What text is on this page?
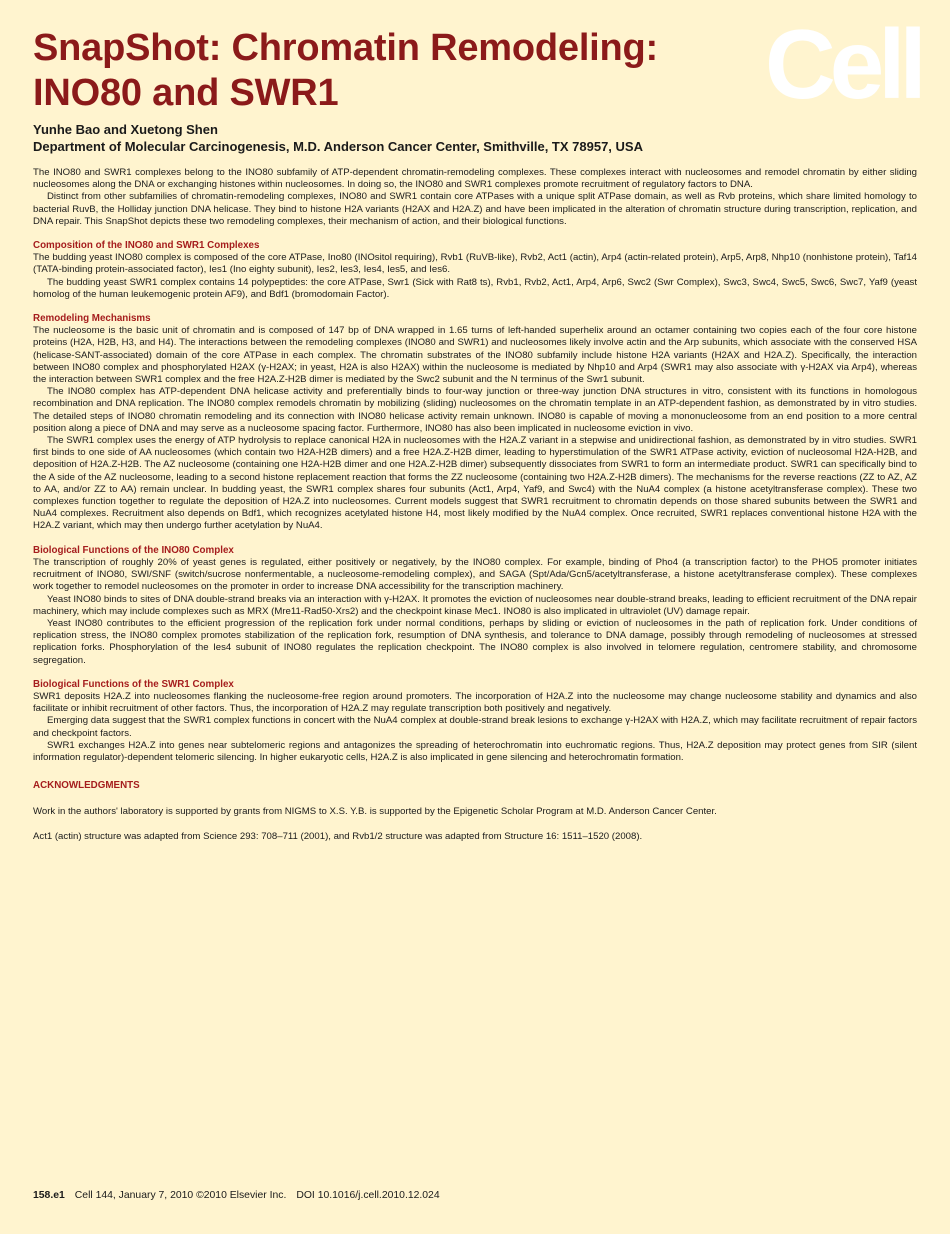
SnapShot: Chromatin Remodeling:
INO80 and SWR1	Cell
Yunhe Bao and Xuetong Shen
Department of Molecular Carcinogenesis, M.D. Anderson Cancer Center, Smithville, TX 78957, USA

The INO80 and SWR1 complexes belong to the INO80 subfamily of ATP-dependent chromatin-remodeling complexes. These complexes interact with nucleosomes and remodel chromatin by either sliding nucleosomes along the DNA or exchanging histones within nucleosomes. In doing so, the INO80 and SWR1 complexes promote recruitment of regulatory factors to DNA.

Distinct from other subfamilies of chromatin-remodeling complexes, INO80 and SWR1 contain core ATPases with a unique split ATPase domain, as well as Rvb proteins, which share limited homology to bacterial RuvB, the Holliday junction DNA helicase. They bind to histone H2A variants (H2AX and H2A.Z) and have been implicated in the alteration of chromatin structure during transcription, replication, and DNA repair. This SnapShot depicts these two remodeling complexes, their mechanism of action, and their biological functions.

Composition of the INO80 and SWR1 Complexes

The budding yeast INO80 complex is composed of the core ATPase, Ino80 (INOsitol requiring), Rvb1 (RuVB-like), Rvb2, Act1 (actin), Arp4 (actin-related protein), Arp5, Arp8, Nhp10 (nonhistone protein), Taf14 (TATA-binding protein-associated factor), Ies1 (Ino eighty subunit), Ies2, Ies3, Ies4, Ies5, and Ies6.

The budding yeast SWR1 complex contains 14 polypeptides: the core ATPase, Swr1 (Sick with Rat8 ts), Rvb1, Rvb2, Act1, Arp4, Arp6, Swc2 (Swr Complex), Swc3, Swc4, Swc5, Swc6, Swc7, Yaf9 (yeast homolog of the human leukemogenic protein AF9), and Bdf1 (bromodomain Factor).

Remodeling Mechanisms

The nucleosome is the basic unit of chromatin and is composed of 147 bp of DNA wrapped in 1.65 turns of left-handed superhelix around an octamer containing two copies each of the four core histone proteins (H2A, H2B, H3, and H4). The interactions between the remodeling complexes (INO80 and SWR1) and nucleosomes likely involve actin and the Arp subunits, which associate with the conserved HSA (helicase-SANT-associated) domain of the core ATPase in each complex. The chromatin substrates of the INO80 subfamily include histone H2A variants (H2AX and H2A.Z). Specifically, the interaction between INO80 complex and phosphorylated H2AX (γ-H2AX; in yeast, H2A is also H2AX) within the nucleosome is mediated by Nhp10 and Arp4 (SWR1 may also associate with γ-H2AX via Arp4), whereas the interaction between SWR1 complex and the free H2A.Z-H2B dimer is mediated by the Swc2 subunit and the N terminus of the Swr1 subunit.

The INO80 complex has ATP-dependent DNA helicase activity and preferentially binds to four-way junction or three-way junction DNA structures in vitro, consistent with its functions in homologous recombination and DNA replication. The INO80 complex remodels chromatin by mobilizing (sliding) nucleosomes on the chromatin template in an ATP-dependent fashion, as demonstrated by in vitro studies. The detailed steps of INO80 chromatin remodeling and its connection with INO80 helicase activity remain unknown. INO80 is capable of moving a mononucleosome from an end position to a more central position along a piece of DNA and may serve as a nucleosome spacing factor. Furthermore, INO80 has also been implicated in nucleosome eviction in vivo.

The SWR1 complex uses the energy of ATP hydrolysis to replace canonical H2A in nucleosomes with the H2A.Z variant in a stepwise and unidirectional fashion, as demonstrated by in vitro studies. SWR1 first binds to one side of AA nucleosomes (which contain two H2A-H2B dimers) and a free H2A.Z-H2B dimer, leading to hyperstimulation of the SWR1 ATPase activity, eviction of nucleosomal H2A-H2B, and deposition of H2A.Z-H2B. The AZ nucleosome (containing one H2A-H2B dimer and one H2A.Z-H2B dimer) subsequently dissociates from SWR1 to form an intermediate product. SWR1 can specifically bind to the A side of the AZ nucleosome, leading to a second histone replacement reaction that forms the ZZ nucleosome (containing two H2A.Z-H2B dimers). The mechanisms for the reverse reactions (ZZ to AZ, AZ to AA, and/or ZZ to AA) remain unclear. In budding yeast, the SWR1 complex shares four subunits (Act1, Arp4, Yaf9, and Swc4) with the NuA4 complex (a histone acetyltransferase complex). These two complexes function together to regulate the deposition of H2A.Z into nucleosomes. Current models suggest that SWR1 recruitment to chromatin depends on those shared subunits between the SWR1 and NuA4 complexes. Recruitment also depends on Bdf1, which recognizes acetylated histone H4, most likely modified by the NuA4 complex. Once recruited, SWR1 replaces conventional histone H2A with the H2A.Z variant, which may then undergo further acetylation by NuA4.

Biological Functions of the INO80 Complex

The transcription of roughly 20% of yeast genes is regulated, either positively or negatively, by the INO80 complex. For example, binding of Pho4 (a transcription factor) to the PHO5 promoter initiates recruitment of INO80, SWI/SNF (switch/sucrose nonfermentable, a nucleosome-remodeling complex), and SAGA (Spt/Ada/Gcn5/acetyltransferase, a histone acetyltransferase complex). These complexes work together to remodel nucleosomes on the promoter in order to increase DNA accessibility for the transcription machinery.

Yeast INO80 binds to sites of DNA double-strand breaks via an interaction with γ-H2AX. It promotes the eviction of nucleosomes near double-strand breaks, leading to efficient recruitment of the DNA repair machinery, which may include complexes such as MRX (Mre11-Rad50-Xrs2) and the checkpoint kinase Mec1. INO80 is also implicated in ultraviolet (UV) damage repair.

Yeast INO80 contributes to the efficient progression of the replication fork under normal conditions, perhaps by sliding or eviction of nucleosomes in the path of replication fork. Under conditions of replication stress, the INO80 complex promotes stabilization of the replication fork, resumption of DNA synthesis, and tolerance to DNA damage, possibly through remodeling of nucleosomes at stressed replication forks. Phosphorylation of the Ies4 subunit of INO80 regulates the replication checkpoint. The INO80 complex is also involved in telomere regulation, centromere stability, and chromosome segregation.

Biological Functions of the SWR1 Complex

SWR1 deposits H2A.Z into nucleosomes flanking the nucleosome-free region around promoters. The incorporation of H2A.Z into the nucleosome may change nucleosome stability and dynamics and also facilitate or inhibit recruitment of other factors. Thus, the incorporation of H2A.Z may regulate transcription both positively and negatively.

Emerging data suggest that the SWR1 complex functions in concert with the NuA4 complex at double-strand break lesions to exchange γ-H2AX with H2A.Z, which may facilitate recruitment of repair factors and checkpoint factors.

SWR1 exchanges H2A.Z into genes near subtelomeric regions and antagonizes the spreading of heterochromatin into euchromatic regions. Thus, H2A.Z deposition may protect genes from SIR (silent information regulator)-dependent telomeric silencing. In higher eukaryotic cells, H2A.Z is also implicated in gene silencing and heterochromatin formation.

ACKNOWLEDGMENTS

Work in the authors' laboratory is supported by grants from NIGMS to X.S. Y.B. is supported by the Epigenetic Scholar Program at M.D. Anderson Cancer Center.

Act1 (actin) structure was adapted from Science 293: 708–711 (2001), and Rvb1/2 structure was adapted from Structure 16: 1511–1520 (2008).

158.e1 Cell 144, January 7, 2010 ©2010 Elsevier Inc. DOI 10.1016/j.cell.2010.12.024
